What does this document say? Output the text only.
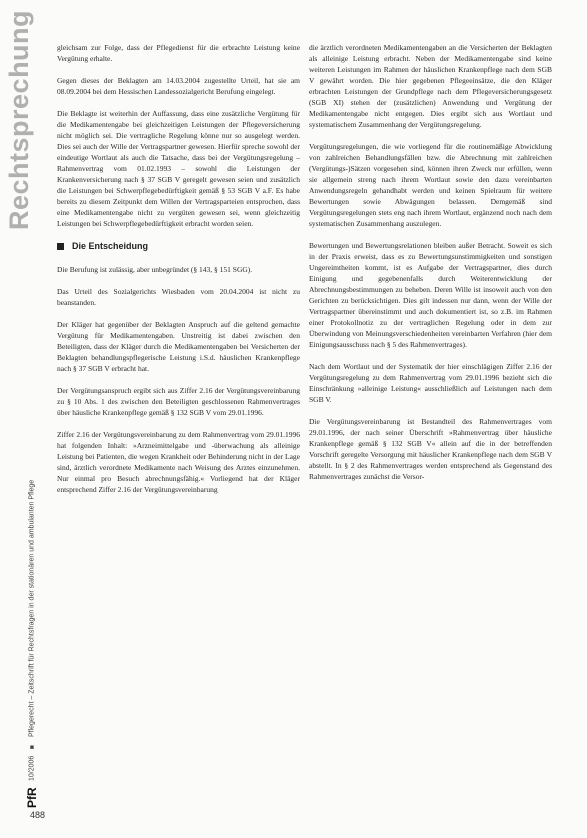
Rechtsprechung
PfR
10/2006
■
Pflegerecht – Zeitschrift für Rechtsfragen in der stationären und ambulanten Pflege
488

gleichsam zur Folge, dass der Pflegedienst für die erbrachte Leistung keine Vergütung erhalte.

Gegen dieses der Beklagten am 14.03.2004 zugestellte Urteil, hat sie am 08.09.2004 bei dem Hessischen Landessozialgericht Berufung eingelegt.

Die Beklagte ist weiterhin der Auffassung, dass eine zusätzliche Vergütung für die Medikamentengabe bei gleichzeitigen Leistungen der Pflegeversicherung nicht möglich sei. Die vertragliche Regelung könne nur so ausgelegt werden. Dies sei auch der Wille der Vertragspartner gewesen. Hierfür spreche sowohl der eindeutige Wortlaut als auch die Tatsache, dass bei der Vergütungsregelung – Rahmenvertrag vom 01.02.1993 – sowohl die Leistungen der Krankenversicherung nach § 37 SGB V geregelt gewesen seien und zusätzlich die Leistungen bei Schwerpflegebedürftigkeit gemäß § 53 SGB V a.F. Es habe bereits zu diesem Zeitpunkt dem Willen der Vertragsparteien entsprochen, dass eine Medikamentengabe nicht zu vergüten gewesen sei, wenn gleichzeitig Leistungen bei Schwerpflegebedürftigkeit erbracht worden seien.

Die Entscheidung

Die Berufung ist zulässig, aber unbegründet (§ 143, § 151 SGG).

Das Urteil des Sozialgerichts Wiesbaden vom 20.04.2004 ist nicht zu beanstanden.

Der Kläger hat gegenüber der Beklagten Anspruch auf die geltend gemachte Vergütung für Medikamentengaben. Unstreitig ist dabei zwischen den Beteiligten, dass der Kläger durch die Medikamentengaben bei Versicherten der Beklagten behandlungspflegerische Leistung i.S.d. häuslichen Krankenpflege nach § 37 SGB V erbracht hat.

Der Vergütungsanspruch ergibt sich aus Ziffer 2.16 der Vergütungsvereinbarung zu § 10 Abs. 1 des zwischen den Beteiligten geschlossenen Rahmenvertrages über häusliche Krankenpflege gemäß § 132 SGB V vom 29.01.1996.

Ziffer 2.16 der Vergütungsvereinbarung zu dem Rahmenvertrag vom 29.01.1996 hat folgenden Inhalt: »Arzneimittelgabe und -überwachung als alleinige Leistung bei Patienten, die wegen Krankheit oder Behinderung nicht in der Lage sind, ärztlich verordnete Medikamente nach Weisung des Arztes einzunehmen. Nur einmal pro Besuch abrechnungsfähig.« Vorliegend hat der Kläger entsprechend Ziffer 2.16 der Vergütungsvereinbarung

die ärztlich verordneten Medikamentengaben an die Versicherten der Beklagten als alleinige Leistung erbracht. Neben der Medikamentengabe sind keine weiteren Leistungen im Rahmen der häuslichen Krankenpflege nach dem SGB V gewährt worden. Die hier gegebenen Pflegeeinsätze, die den Kläger erbrachten Leistungen der Grundpflege nach dem Pflegeversicherungsgesetz (SGB XI) stehen der (zusätzlichen) Anwendung und Vergütung der Medikamentengabe nicht entgegen. Dies ergibt sich aus Wortlaut und systematischem Zusammenhang der Vergütungsregelung.

Vergütungsregelungen, die wie vorliegend für die routinemäßige Abwicklung von zahlreichen Behandlungsfällen bzw. die Abrechnung mit zahlreichen (Vergütungs-)Sätzen vorgesehen sind, können ihren Zweck nur erfüllen, wenn sie allgemein streng nach ihrem Wortlaut sowie den dazu vereinbarten Anwendungsregeln gehandhabt werden und keinen Spielraum für weitere Bewertungen sowie Abwägungen belassen. Demgemäß sind Vergütungsregelungen stets eng nach ihrem Wortlaut, ergänzend noch nach dem systematischen Zusammenhang auszulegen.

Bewertungen und Bewertungsrelationen bleiben außer Betracht. Soweit es sich in der Praxis erweist, dass es zu Bewertungsunstimmigkeiten und sonstigen Ungereimtheiten kommt, ist es Aufgabe der Vertragspartner, dies durch Einigung und gegebenenfalls durch Weiterentwicklung der Abrechnungsbestimmungen zu beheben. Deren Wille ist insoweit auch von den Gerichten zu berücksichtigen. Dies gilt indessen nur dann, wenn der Wille der Vertragspartner übereinstimmt und auch dokumentiert ist, so z.B. im Rahmen einer Protokollnotiz zu der vertraglichen Regelung oder in dem zur Überwindung von Meinungsverschiedenheiten vereinbarten Verfahren (hier dem Einigungsausschuss nach § 5 des Rahmenvertrages).

Nach dem Wortlaut und der Systematik der hier einschlägigen Ziffer 2.16 der Vergütungsregelung zu dem Rahmenvertrag vom 29.01.1996 bezieht sich die Einschränkung »alleinige Leistung« ausschließlich auf Leistungen nach dem SGB V.

Die Vergütungsvereinbarung ist Bestandteil des Rahmenvertrages vom 29.01.1996, der nach seiner Überschrift »Rahmenvertrag über häusliche Krankenpflege gemäß § 132 SGB V« allein auf die in der betreffenden Vorschrift geregelte Versorgung mit häuslicher Krankenpflege nach dem SGB V abstellt. In § 2 des Rahmenvertrages werden entsprechend als Gegenstand des Rahmenvertrages zunächst die Versor-
